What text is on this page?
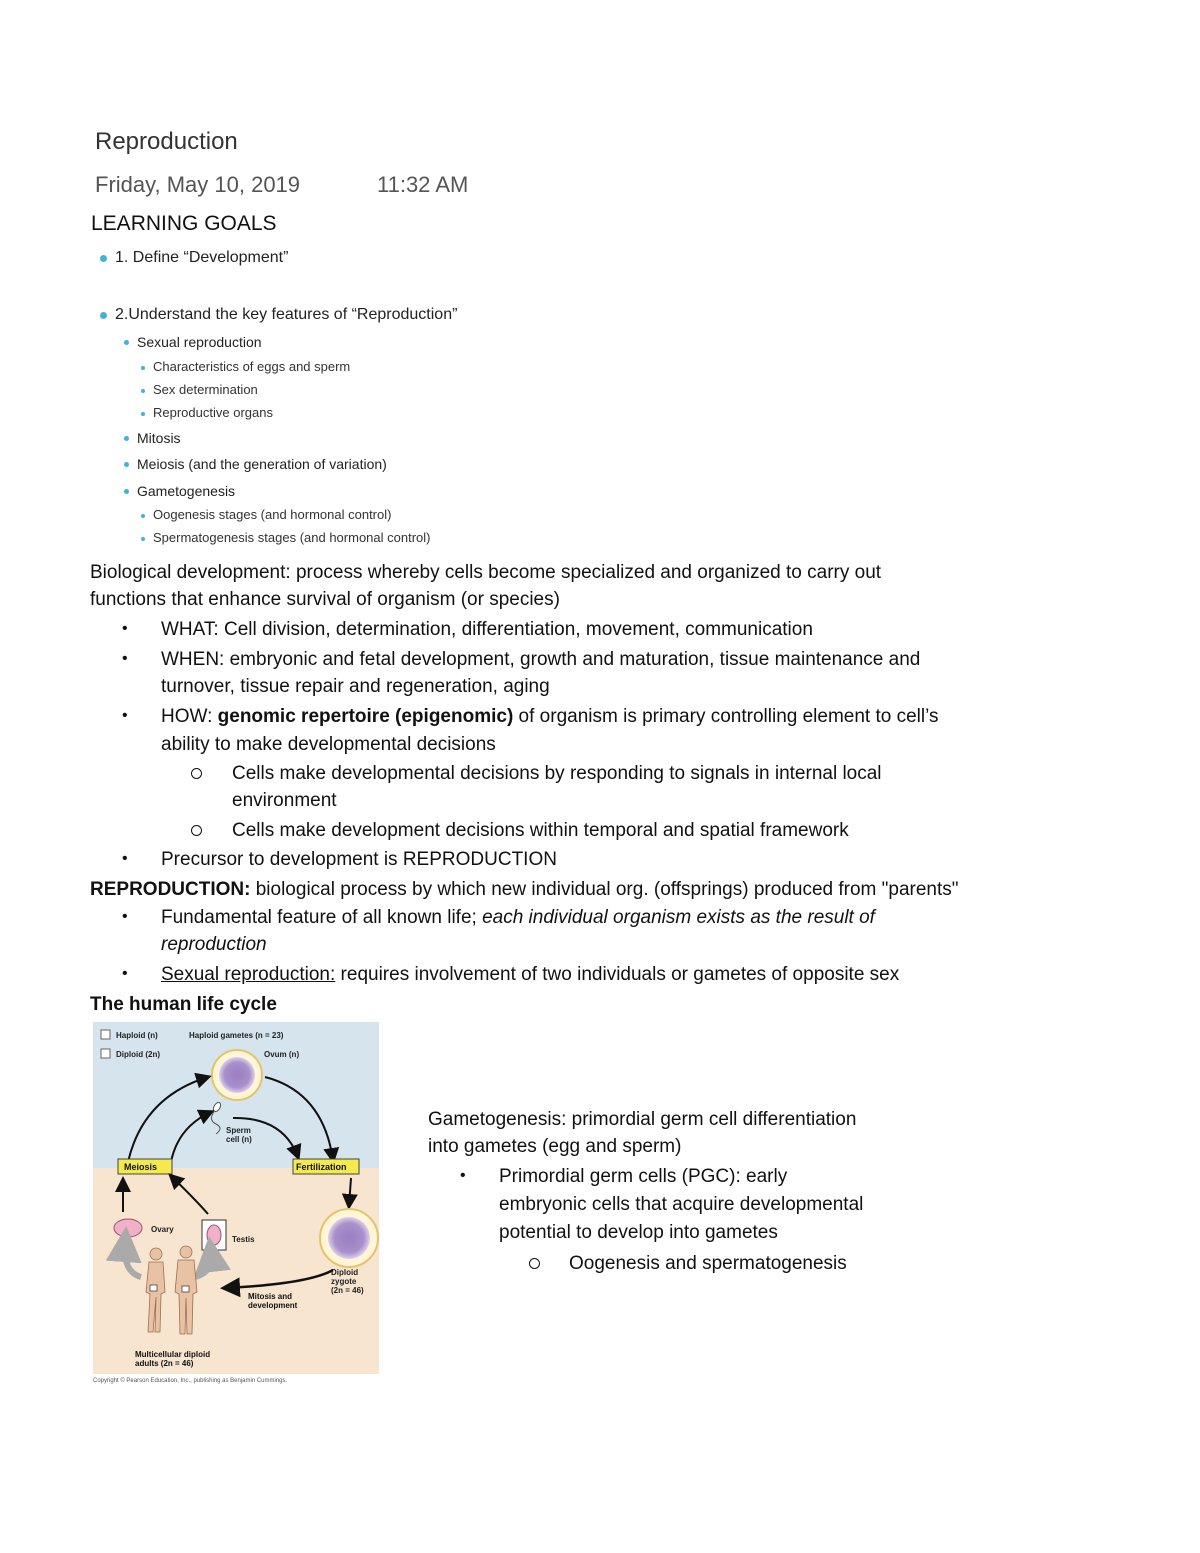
Reproduction
Friday, May 10, 2019	11:32 AM
LEARNING GOALS
1. Define “Development”
2.Understand the key features of “Reproduction”
Sexual reproduction
Characteristics of eggs and sperm
Sex determination
Reproductive organs
Mitosis
Meiosis (and the generation of variation)
Gametogenesis
Oogenesis stages (and hormonal control)
Spermatogenesis stages (and hormonal control)
Biological development: process whereby cells become specialized and organized to carry out
functions that enhance survival of organism (or species)
• WHAT: Cell division, determination, differentiation, movement, communication
• WHEN: embryonic and fetal development, growth and maturation, tissue maintenance and
turnover, tissue repair and regeneration, aging
• HOW: genomic repertoire (epigenomic) of organism is primary controlling element to cell’s
ability to make developmental decisions
Cells make developmental decisions by responding to signals in internal local
environment
Cells make development decisions within temporal and spatial framework
• Precursor to development is REPRODUCTION
REPRODUCTION: biological process by which new individual org. (offsprings) produced from "parents"
• Fundamental feature of all known life; each individual organism exists as the result of
reproduction
• Sexual reproduction: requires involvement of two individuals or gametes of opposite sex
The human life cycle
Haploid (n)
Diploid (2n)
Haploid gametes (n = 23)
Ovum (n)
Sperm
cell (n)
Meiosis	Fertilization
Diploid
zygote
(2n = 46)
Mitosis and
development
Ovary
Testis
Multicellular diploid
adults (2n = 46)
Copyright © Pearson Education, Inc., publishing as Benjamin Cummings.
Gametogenesis: primordial germ cell differentiation
into gametes (egg and sperm)
• Primordial germ cells (PGC): early
embryonic cells that acquire developmental
potential to develop into gametes
Oogenesis and spermatogenesis
